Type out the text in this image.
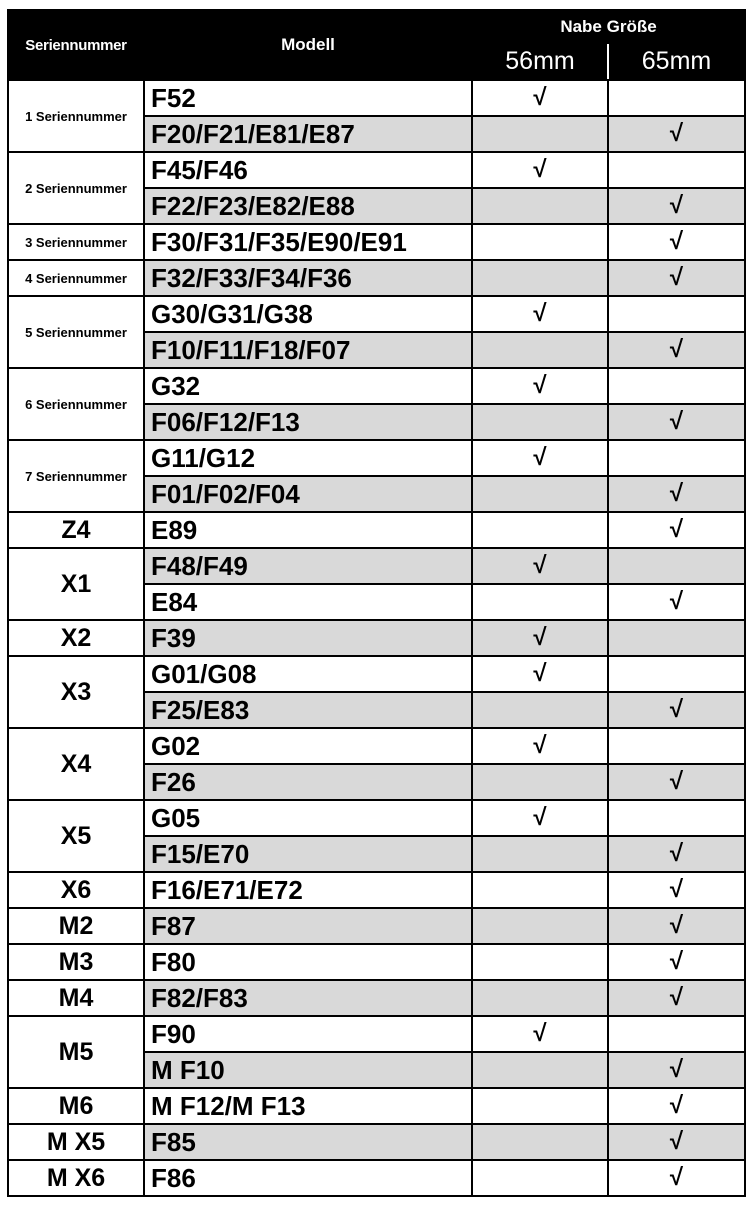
Seriennummer	Modell	Nabe Größe	
		56mm	65mm
1 Seriennummer	F52	√	
	F20/F21/E81/E87		√
2 Seriennummer	F45/F46	√	
	F22/F23/E82/E88		√
3 Seriennummer	F30/F31/F35/E90/E91		√
4 Seriennummer	F32/F33/F34/F36		√
5 Seriennummer	G30/G31/G38	√	
	F10/F11/F18/F07		√
6 Seriennummer	G32	√	
	F06/F12/F13		√
7 Seriennummer	G11/G12	√	
	F01/F02/F04		√
Z4	E89		√
X1	F48/F49	√	
	E84		√
X2	F39	√	
X3	G01/G08	√	
	F25/E83		√
X4	G02	√	
	F26		√
X5	G05	√	
	F15/E70		√
X6	F16/E71/E72		√
M2	F87		√
M3	F80		√
M4	F82/F83		√
M5	F90	√	
	M F10		√
M6	M F12/M F13		√
M X5	F85		√
M X6	F86		√
